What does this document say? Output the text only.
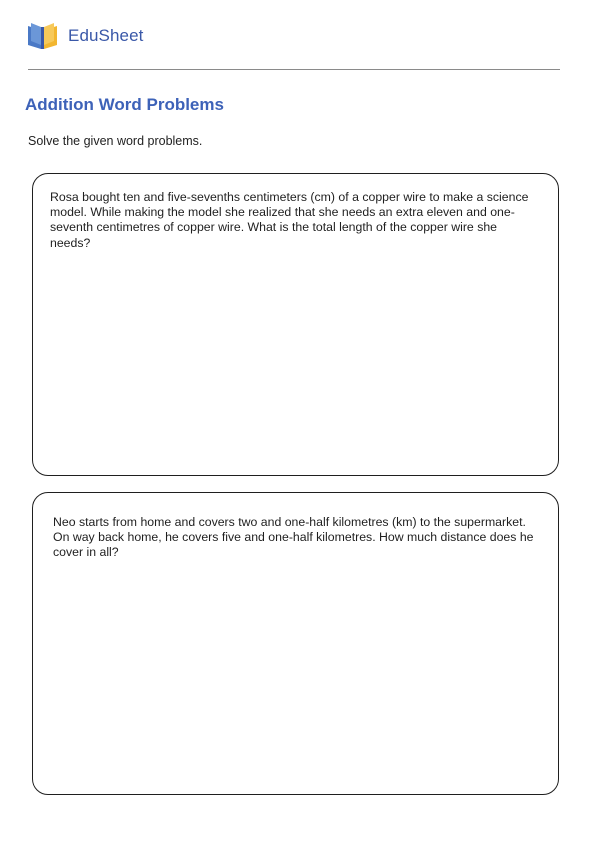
EduSheet
Addition Word Problems

Solve the given word problems.

Rosa bought ten and five-sevenths centimeters (cm) of a copper wire to make a science model. While making the model she realized that she needs an extra eleven and one-seventh centimetres of copper wire. What is the total length of the copper wire she needs?

Neo starts from home and covers two and one-half kilometres (km) to the supermarket. On way back home, he covers five and one-half kilometres. How much distance does he cover in all?
